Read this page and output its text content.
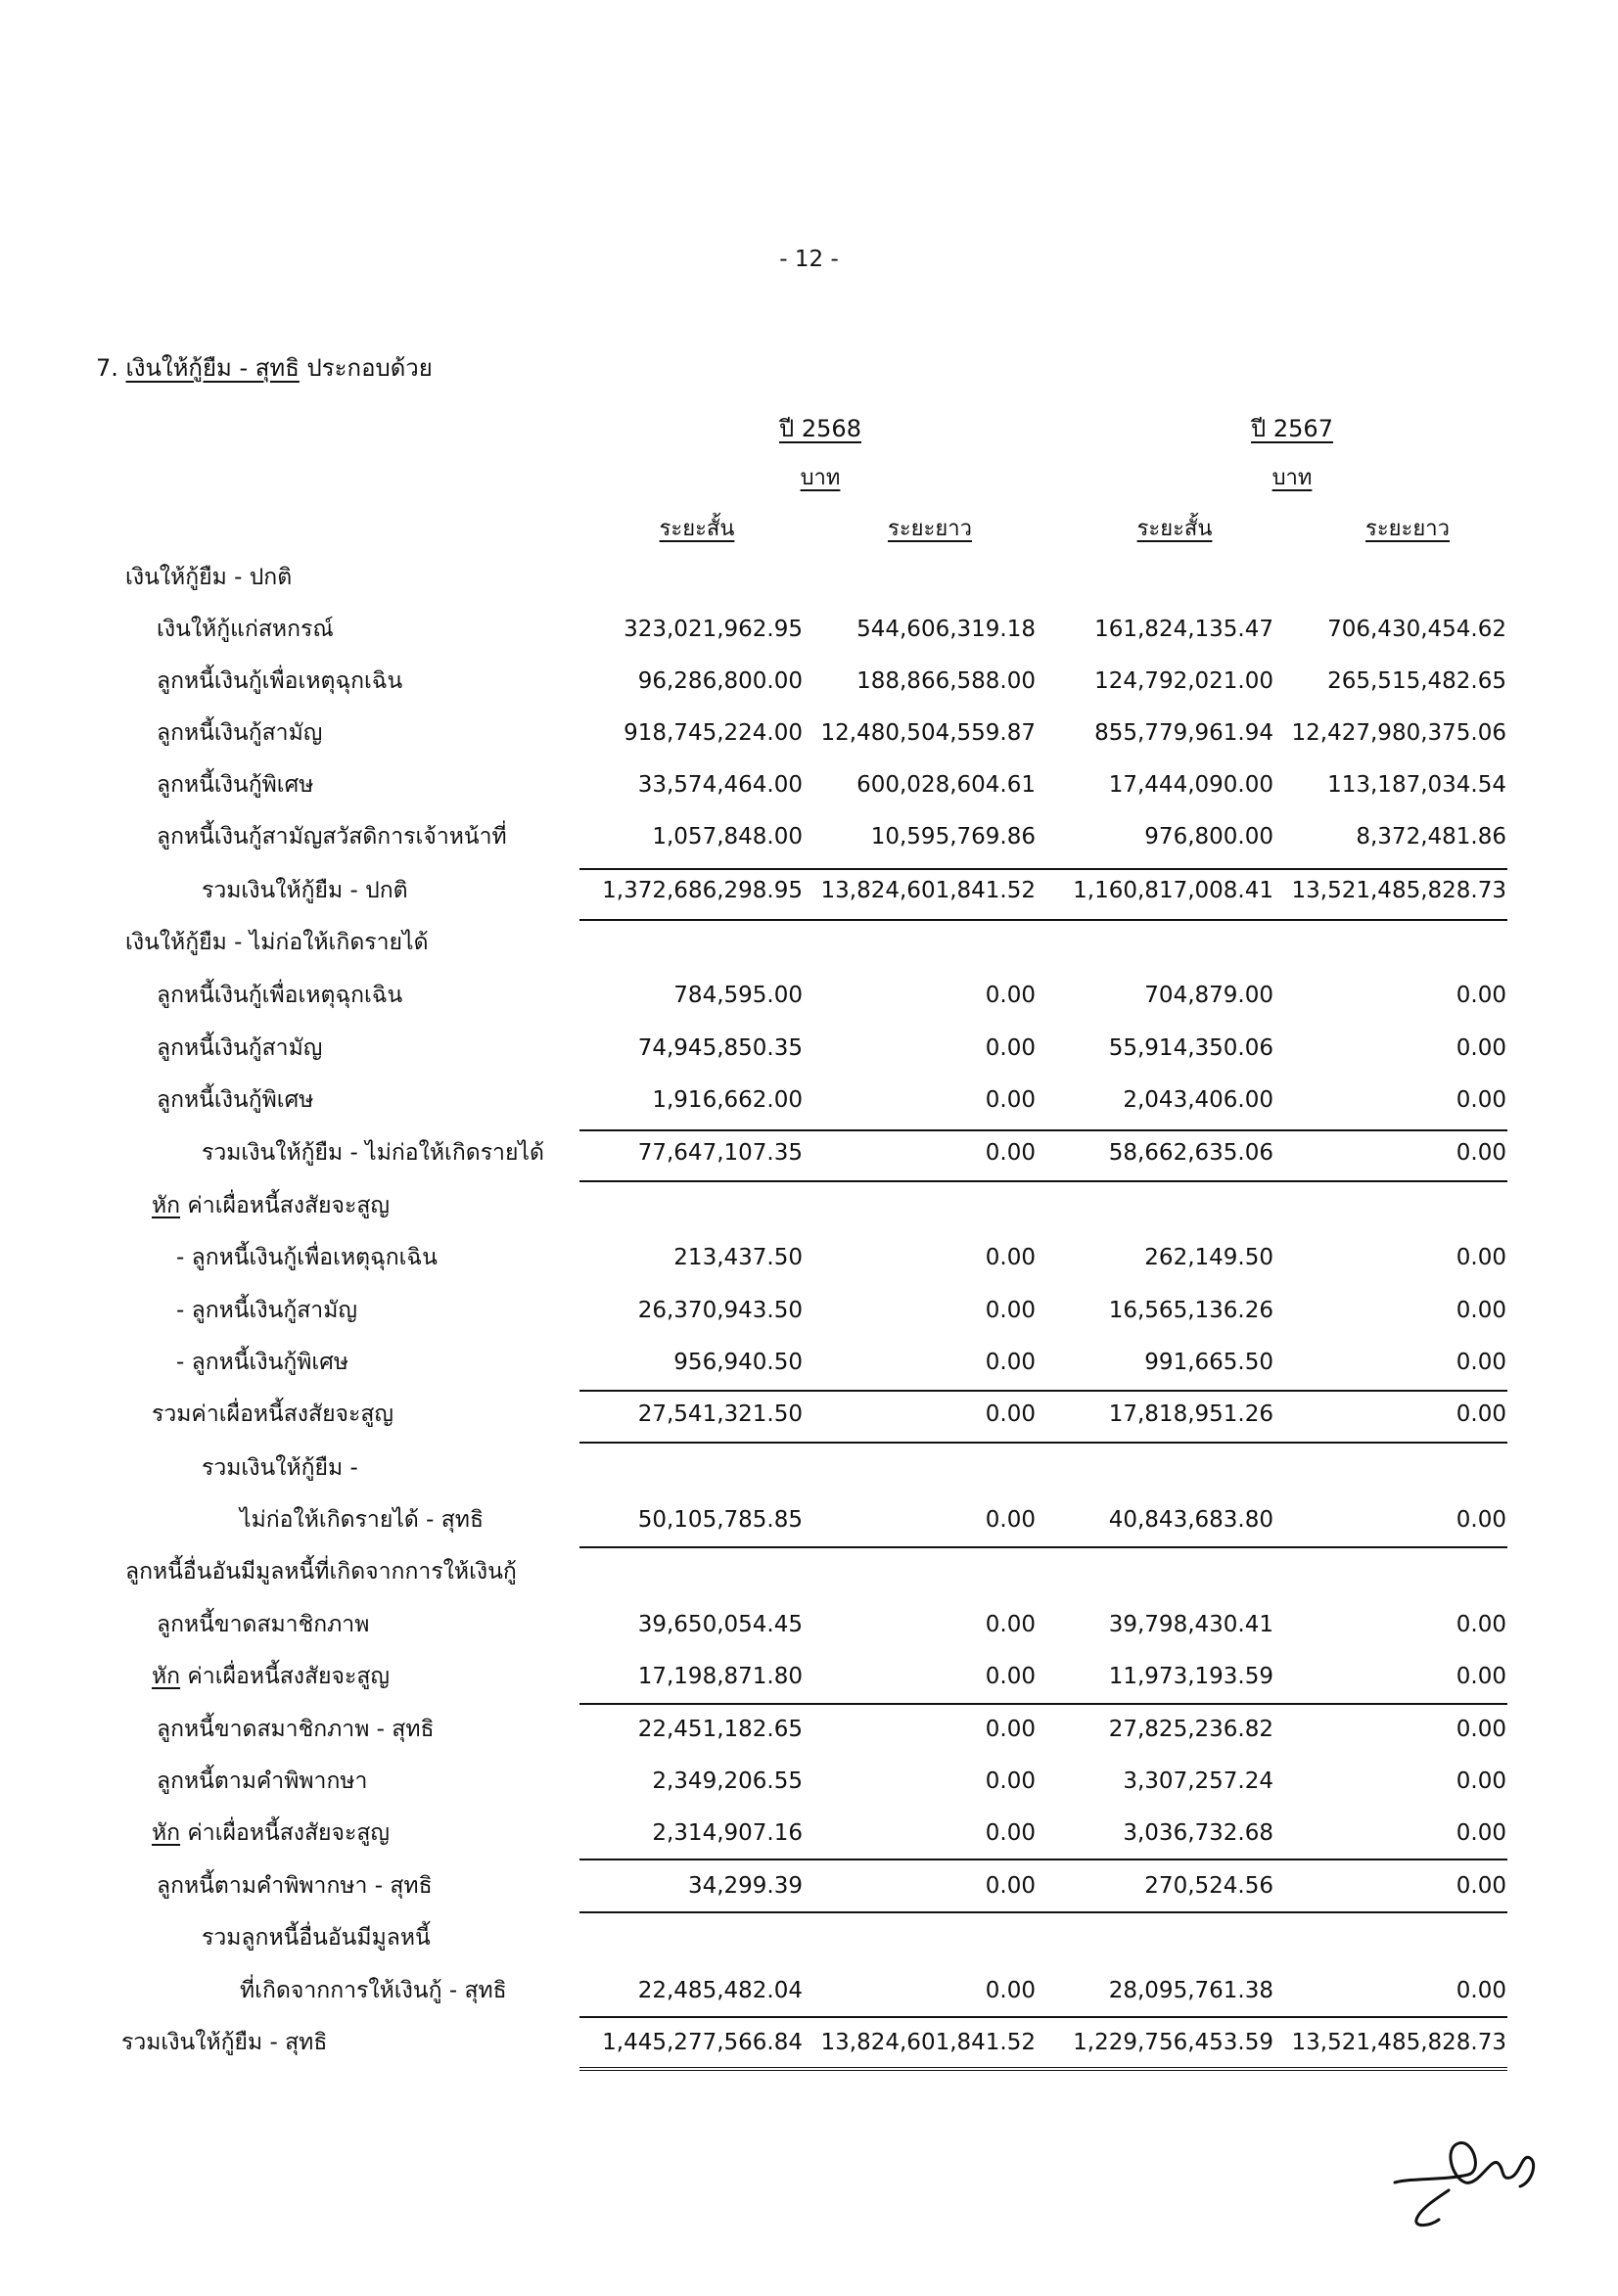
- 12 -
7. เงินให้กู้ยืม - สุทธิ ประกอบด้วย
ปี 2568
บาท
ระยะสั้น	ระยะยาว
ปี 2567
บาท
ระยะสั้น	ระยะยาว
เงินให้กู้ยืม - ปกติ
เงินให้กู้แก่สหกรณ์	323,021,962.95	544,606,319.18	161,824,135.47	706,430,454.62
ลูกหนี้เงินกู้เพื่อเหตุฉุกเฉิน	96,286,800.00	188,866,588.00	124,792,021.00	265,515,482.65
ลูกหนี้เงินกู้สามัญ	918,745,224.00 12,480,504,559.87	855,779,961.94 12,427,980,375.06
ลูกหนี้เงินกู้พิเศษ	33,574,464.00	600,028,604.61	17,444,090.00	113,187,034.54
ลูกหนี้เงินกู้สามัญสวัสดิการเจ้าหน้าที่	1,057,848.00	10,595,769.86	976,800.00	8,372,481.86
รวมเงินให้กู้ยืม - ปกติ	1,372,686,298.95 13,824,601,841.52	1,160,817,008.41 13,521,485,828.73
เงินให้กู้ยืม - ไม่ก่อให้เกิดรายได้
ลูกหนี้เงินกู้เพื่อเหตุฉุกเฉิน	784,595.00	0.00	704,879.00	0.00
ลูกหนี้เงินกู้สามัญ	74,945,850.35	0.00	55,914,350.06	0.00
ลูกหนี้เงินกู้พิเศษ	1,916,662.00	0.00	2,043,406.00	0.00
รวมเงินให้กู้ยืม - ไม่ก่อให้เกิดรายได้	77,647,107.35	0.00	58,662,635.06	0.00
หัก ค่าเผื่อหนี้สงสัยจะสูญ
- ลูกหนี้เงินกู้เพื่อเหตุฉุกเฉิน	213,437.50	0.00	262,149.50	0.00
- ลูกหนี้เงินกู้สามัญ	26,370,943.50	0.00	16,565,136.26	0.00
- ลูกหนี้เงินกู้พิเศษ	956,940.50	0.00	991,665.50	0.00
รวมค่าเผื่อหนี้สงสัยจะสูญ	27,541,321.50	0.00	17,818,951.26	0.00
รวมเงินให้กู้ยืม -
ไม่ก่อให้เกิดรายได้ - สุทธิ	50,105,785.85	0.00	40,843,683.80	0.00
ลูกหนี้อื่นอันมีมูลหนี้ที่เกิดจากการให้เงินกู้
ลูกหนี้ขาดสมาชิกภาพ	39,650,054.45	0.00	39,798,430.41	0.00
หัก ค่าเผื่อหนี้สงสัยจะสูญ	17,198,871.80	0.00	11,973,193.59	0.00
ลูกหนี้ขาดสมาชิกภาพ - สุทธิ	22,451,182.65	0.00	27,825,236.82	0.00
ลูกหนี้ตามคำพิพากษา	2,349,206.55	0.00	3,307,257.24	0.00
หัก ค่าเผื่อหนี้สงสัยจะสูญ	2,314,907.16	0.00	3,036,732.68	0.00
ลูกหนี้ตามคำพิพากษา - สุทธิ	34,299.39	0.00	270,524.56	0.00
รวมลูกหนี้อื่นอันมีมูลหนี้
ที่เกิดจากการให้เงินกู้ - สุทธิ	22,485,482.04	0.00	28,095,761.38	0.00
รวมเงินให้กู้ยืม - สุทธิ	1,445,277,566.84 13,824,601,841.52	1,229,756,453.59 13,521,485,828.73
